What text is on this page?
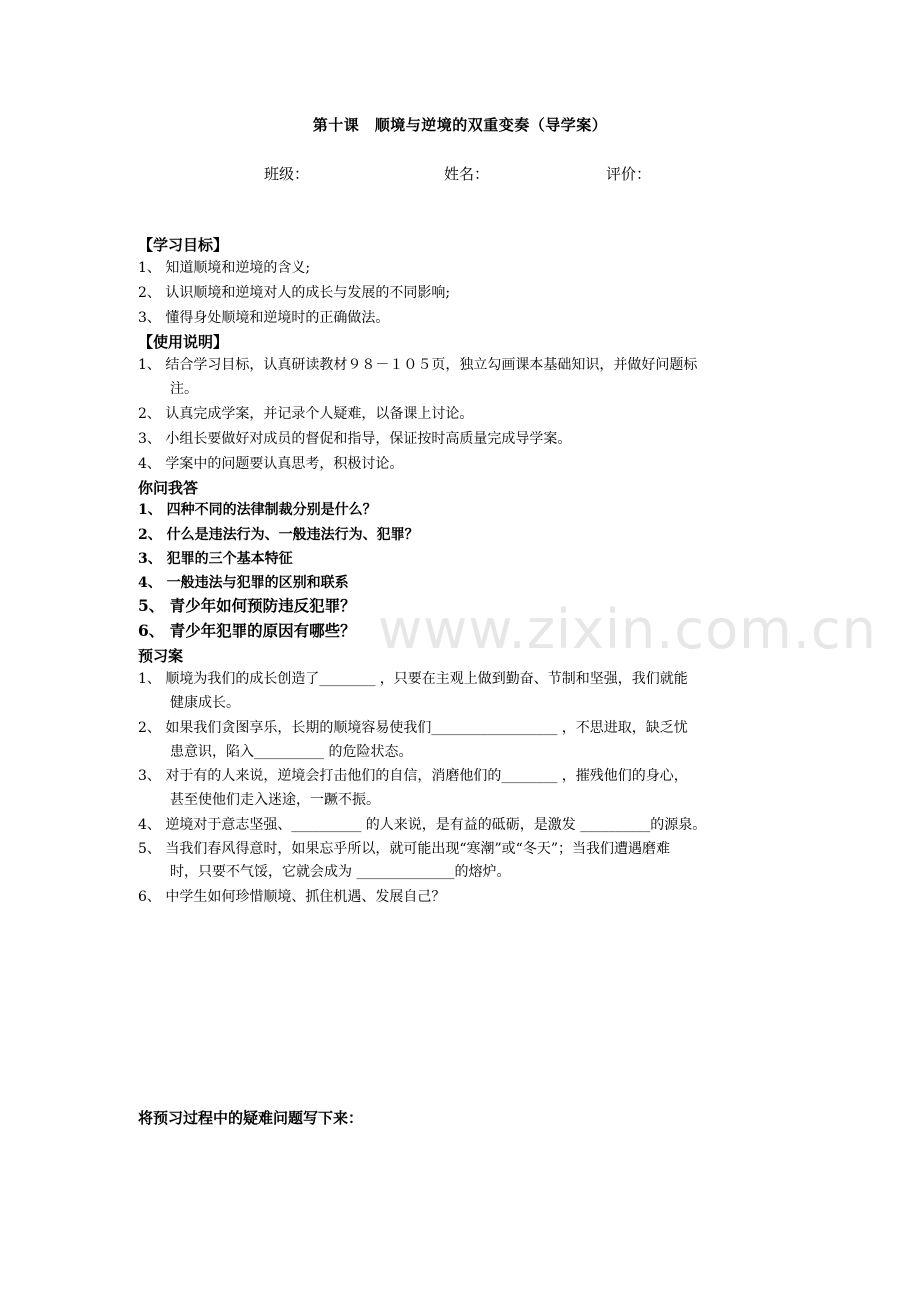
第十课　顺境与逆境的双重变奏（导学案）
班级：	姓名：	评价：
【学习目标】
1、 知道顺境和逆境的含义;
2、 认识顺境和逆境对人的成长与发展的不同影响;
3、 懂得身处顺境和逆境时的正确做法。
【使用说明】
1、 结合学习目标，认真研读教材９８－１０５页，独立勾画课本基础知识，并做好问题标
注。
2、 认真完成学案，并记录个人疑难，以备课上讨论。
3、 小组长要做好对成员的督促和指导，保证按时高质量完成导学案。
4、 学案中的问题要认真思考，积极讨论。
你问我答
1、 四种不同的法律制裁分别是什么？
2、 什么是违法行为、一般违法行为、犯罪？
3、 犯罪的三个基本特征
4、 一般违法与犯罪的区别和联系
5、 青少年如何预防违反犯罪？
6、 青少年犯罪的原因有哪些？
预习案
1、 顺境为我们的成长创造了________ ，只要在主观上做到勤奋、节制和坚强，我们就能
健康成长。
2、 如果我们贪图享乐，长期的顺境容易使我们__________________ ，不思进取，缺乏忧
患意识，陷入__________ 的危险状态。
3、 对于有的人来说，逆境会打击他们的自信，消磨他们的________ ，摧残他们的身心，
甚至使他们走入迷途，一蹶不振。
4、 逆境对于意志坚强、__________ 的人来说，是有益的砥砺，是激发 __________的源泉。
5、 当我们春风得意时，如果忘乎所以，就可能出现“寒潮”或“冬天”；当我们遭遇磨难
时，只要不气馁，它就会成为 ______________的熔炉。
6、 中学生如何珍惜顺境、抓住机遇、发展自己？
将预习过程中的疑难问题写下来：
www.zixin.com.cn
